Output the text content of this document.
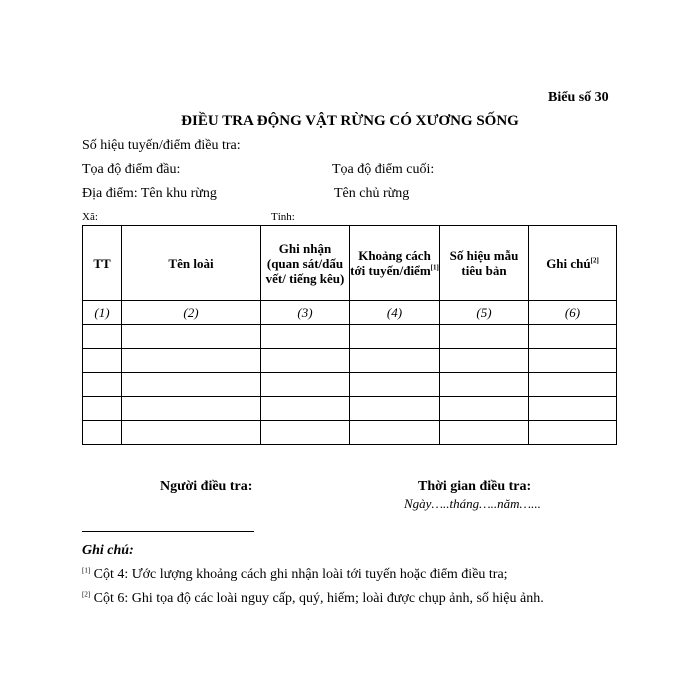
Biểu số 30
ĐIỀU TRA ĐỘNG VẬT RỪNG CÓ XƯƠNG SỐNG
Số hiệu tuyến/điểm điều tra:
Tọa độ điểm đầu:	Tọa độ điểm cuối:
Địa điểm: Tên khu rừng	Tên chủ rừng
Xã:	Tỉnh:
TT	Tên loài	Ghi nhận (quan sát/dấu vết/ tiếng kêu)	Khoảng cách tới tuyến/điểm[1]	Số hiệu mẫu tiêu bản	Ghi chú[2]
(1)	(2)	(3)	(4)	(5)	(6)

Người điều tra:	Thời gian điều tra:
Ngày…..tháng…..năm…...
Ghi chú:
[1] Cột 4: Ước lượng khoảng cách ghi nhận loài tới tuyến hoặc điểm điều tra;
[2] Cột 6: Ghi tọa độ các loài nguy cấp, quý, hiếm; loài được chụp ảnh, số hiệu ảnh.
